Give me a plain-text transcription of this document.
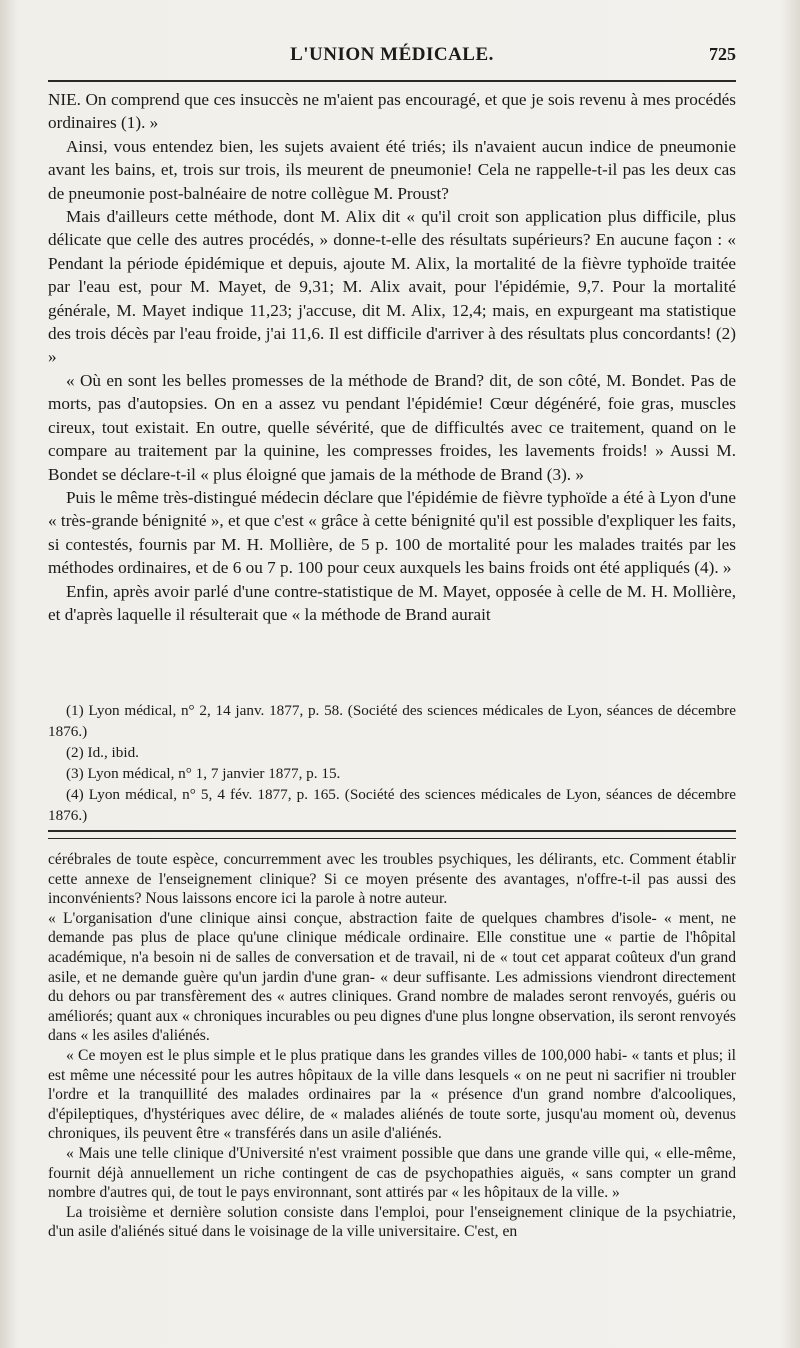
L'UNION MÉDICALE.	725

NIE. On comprend que ces insuccès ne m'aient pas encouragé, et que je sois revenu à mes procédés ordinaires (1). »

Ainsi, vous entendez bien, les sujets avaient été triés; ils n'avaient aucun indice de pneumonie avant les bains, et, trois sur trois, ils meurent de pneumonie! Cela ne rappelle-t-il pas les deux cas de pneumonie post-balnéaire de notre collègue M. Proust?

Mais d'ailleurs cette méthode, dont M. Alix dit « qu'il croit son application plus difficile, plus délicate que celle des autres procédés, » donne-t-elle des résultats supérieurs? En aucune façon : « Pendant la période épidémique et depuis, ajoute M. Alix, la mortalité de la fièvre typhoïde traitée par l'eau est, pour M. Mayet, de 9,31; M. Alix avait, pour l'épidémie, 9,7. Pour la mortalité générale, M. Mayet indique 11,23; j'accuse, dit M. Alix, 12,4; mais, en expurgeant ma statistique des trois décès par l'eau froide, j'ai 11,6. Il est difficile d'arriver à des résultats plus concordants! (2) »

« Où en sont les belles promesses de la méthode de Brand? dit, de son côté, M. Bondet. Pas de morts, pas d'autopsies. On en a assez vu pendant l'épidémie! Cœur dégénéré, foie gras, muscles cireux, tout existait. En outre, quelle sévérité, que de difficultés avec ce traitement, quand on le compare au traitement par la quinine, les compresses froides, les lavements froids! » Aussi M. Bondet se déclare-t-il « plus éloigné que jamais de la méthode de Brand (3). »

Puis le même très-distingué médecin déclare que l'épidémie de fièvre typhoïde a été à Lyon d'une « très-grande bénignité », et que c'est « grâce à cette bénignité qu'il est possible d'expliquer les faits, si contestés, fournis par M. H. Mollière, de 5 p. 100 de mortalité pour les malades traités par les méthodes ordinaires, et de 6 ou 7 p. 100 pour ceux auxquels les bains froids ont été appliqués (4). »

Enfin, après avoir parlé d'une contre-statistique de M. Mayet, opposée à celle de M. H. Mollière, et d'après laquelle il résulterait que « la méthode de Brand aurait

(1) Lyon médical, n° 2, 14 janv. 1877, p. 58. (Société des sciences médicales de Lyon, séances de décembre 1876.)

(2) Id., ibid.

(3) Lyon médical, n° 1, 7 janvier 1877, p. 15.

(4) Lyon médical, n° 5, 4 fév. 1877, p. 165. (Société des sciences médicales de Lyon, séances de décembre 1876.)

cérébrales de toute espèce, concurremment avec les troubles psychiques, les délirants, etc. Comment établir cette annexe de l'enseignement clinique? Si ce moyen présente des avantages, n'offre-t-il pas aussi des inconvénients? Nous laissons encore ici la parole à notre auteur.

« L'organisation d'une clinique ainsi conçue, abstraction faite de quelques chambres d'isole- « ment, ne demande pas plus de place qu'une clinique médicale ordinaire. Elle constitue une « partie de l'hôpital académique, n'a besoin ni de salles de conversation et de travail, ni de « tout cet apparat coûteux d'un grand asile, et ne demande guère qu'un jardin d'une gran- « deur suffisante. Les admissions viendront directement du dehors ou par transfèrement des « autres cliniques. Grand nombre de malades seront renvoyés, guéris ou améliorés; quant aux « chroniques incurables ou peu dignes d'une plus longne observation, ils seront renvoyés dans « les asiles d'aliénés.

« Ce moyen est le plus simple et le plus pratique dans les grandes villes de 100,000 habi- « tants et plus; il est même une nécessité pour les autres hôpitaux de la ville dans lesquels « on ne peut ni sacrifier ni troubler l'ordre et la tranquillité des malades ordinaires par la « présence d'un grand nombre d'alcooliques, d'épileptiques, d'hystériques avec délire, de « malades aliénés de toute sorte, jusqu'au moment où, devenus chroniques, ils peuvent être « transférés dans un asile d'aliénés.

« Mais une telle clinique d'Université n'est vraiment possible que dans une grande ville qui, « elle-même, fournit déjà annuellement un riche contingent de cas de psychopathies aiguës, « sans compter un grand nombre d'autres qui, de tout le pays environnant, sont attirés par « les hôpitaux de la ville. »

La troisième et dernière solution consiste dans l'emploi, pour l'enseignement clinique de la psychiatrie, d'un asile d'aliénés situé dans le voisinage de la ville universitaire. C'est, en
